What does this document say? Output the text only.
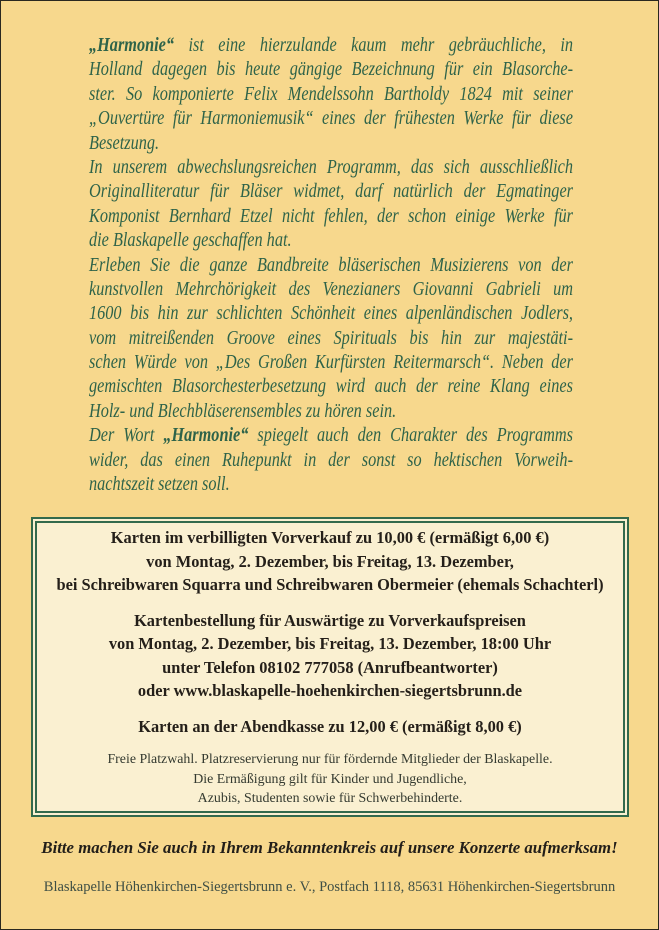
„Harmonie“ ist eine hierzulande kaum mehr gebräuchliche, in
Holland dagegen bis heute gängige Bezeichnung für ein Blasorche-
ster. So komponierte Felix Mendelssohn Bartholdy 1824 mit seiner
„Ouvertüre für Harmoniemusik“ eines der frühesten Werke für diese
Besetzung.
In unserem abwechslungsreichen Programm, das sich ausschließlich
Originalliteratur für Bläser widmet, darf natürlich der Egmatinger
Komponist Bernhard Etzel nicht fehlen, der schon einige Werke für
die Blaskapelle geschaffen hat.
Erleben Sie die ganze Bandbreite bläserischen Musizierens von der
kunstvollen Mehrchörigkeit des Venezianers Giovanni Gabrieli um
1600 bis hin zur schlichten Schönheit eines alpenländischen Jodlers,
vom mitreißenden Groove eines Spirituals bis hin zur majestäti-
schen Würde von „Des Großen Kurfürsten Reitermarsch“. Neben der
gemischten Blasorchesterbesetzung wird auch der reine Klang eines
Holz- und Blechbläserensembles zu hören sein.
Der Wort „Harmonie“ spiegelt auch den Charakter des Programms
wider, das einen Ruhepunkt in der sonst so hektischen Vorweih-
nachtszeit setzen soll.
Karten im verbilligten Vorverkauf zu 10,00 € (ermäßigt 6,00 €)
von Montag, 2. Dezember, bis Freitag, 13. Dezember,
bei Schreibwaren Squarra und Schreibwaren Obermeier (ehemals Schachterl)
Kartenbestellung für Auswärtige zu Vorverkaufspreisen
von Montag, 2. Dezember, bis Freitag, 13. Dezember, 18:00 Uhr
unter Telefon 08102 777058 (Anrufbeantworter)
oder www.blaskapelle-hoehenkirchen-siegertsbrunn.de
Karten an der Abendkasse zu 12,00 € (ermäßigt 8,00 €)
Freie Platzwahl. Platzreservierung nur für fördernde Mitglieder der Blaskapelle.
Die Ermäßigung gilt für Kinder und Jugendliche,
Azubis, Studenten sowie für Schwerbehinderte.
Bitte machen Sie auch in Ihrem Bekanntenkreis auf unsere Konzerte aufmerksam!
Blaskapelle Höhenkirchen-Siegertsbrunn e. V., Postfach 1118, 85631 Höhenkirchen-Siegertsbrunn
